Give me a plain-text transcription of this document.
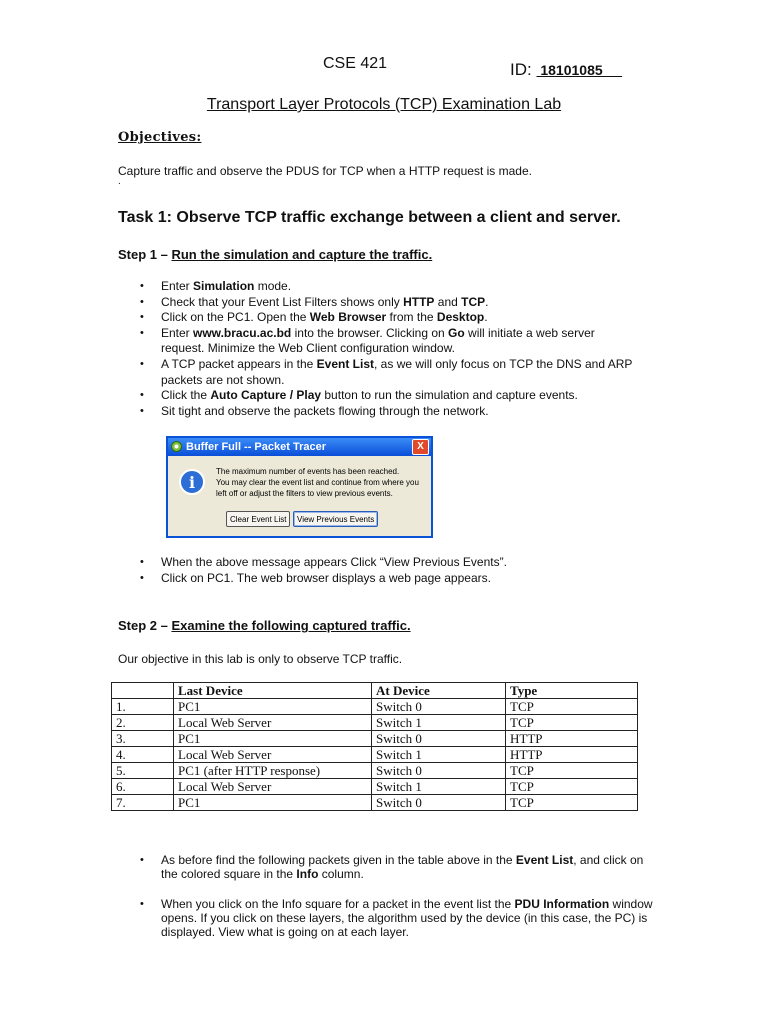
CSE 421	ID:  18101085
Transport Layer Protocols (TCP) Examination Lab
Objectives:
Capture traffic and observe the PDUS for TCP when a HTTP request is made.
.
Task 1: Observe TCP traffic exchange between a client and server.
Step 1 – Run the simulation and capture the traffic.
• Enter Simulation mode.
• Check that your Event List Filters shows only HTTP and TCP.
• Click on the PC1. Open the Web Browser from the Desktop.
• Enter www.bracu.ac.bd into the browser. Clicking on Go will initiate a web server request. Minimize the Web Client configuration window.
• A TCP packet appears in the Event List, as we will only focus on TCP the DNS and ARP packets are not shown.
• Click the Auto Capture / Play button to run the simulation and capture events.
• Sit tight and observe the packets flowing through the network.
Buffer Full -- Packet Tracer	X
i
The maximum number of events has been reached.
You may clear the event list and continue from where you
left off or adjust the filters to view previous events.
Clear Event List	View Previous Events
• When the above message appears Click “View Previous Events”.
• Click on PC1. The web browser displays a web page appears.
Step 2 – Examine the following captured traffic.
Our objective in this lab is only to observe TCP traffic.
	Last Device	At Device	Type
1.	PC1	Switch 0	TCP
2.	Local Web Server	Switch 1	TCP
3.	PC1	Switch 0	HTTP
4.	Local Web Server	Switch 1	HTTP
5.	PC1 (after HTTP response)	Switch 0	TCP
6.	Local Web Server	Switch 1	TCP
7.	PC1	Switch 0	TCP
• As before find the following packets given in the table above in the Event List, and click on the colored square in the Info column.
• When you click on the Info square for a packet in the event list the PDU Information window opens. If you click on these layers, the algorithm used by the device (in this case, the PC) is displayed. View what is going on at each layer.
